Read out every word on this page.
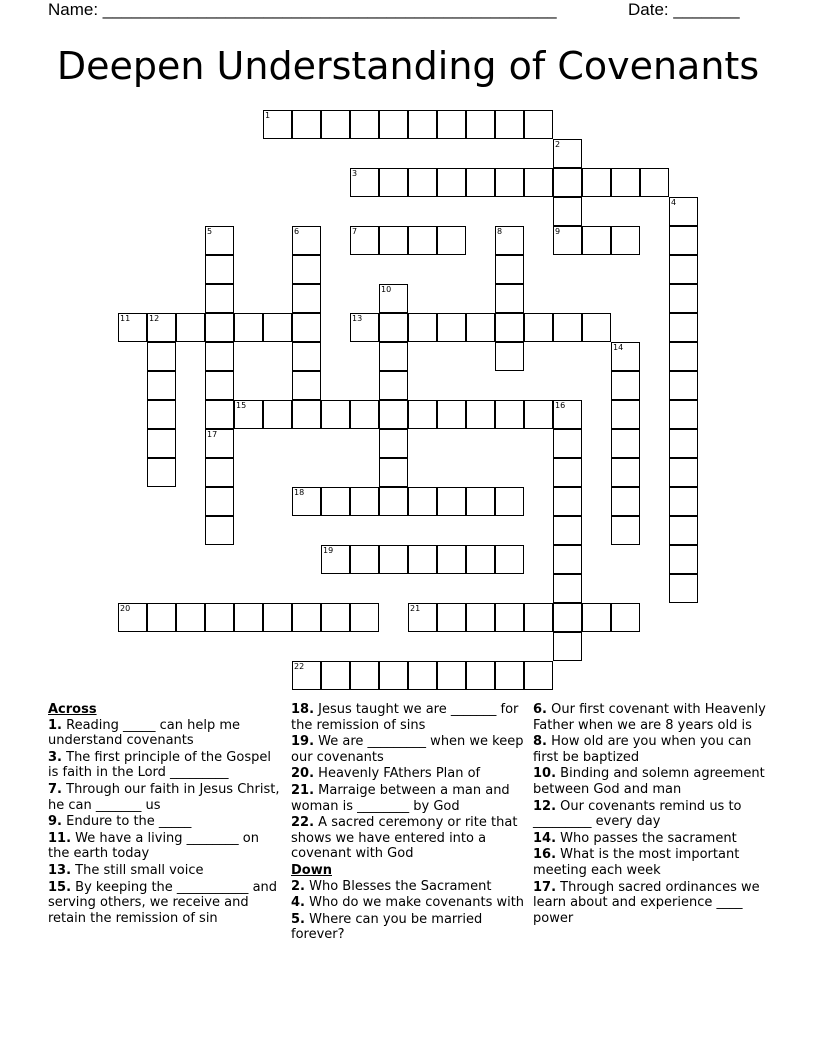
Name: ________________________________________________	Date: _______
Deepen Understanding of Covenants
1
2
3
4
5
17
6	7	8	9
10
11 12	13
14
15	16
18
19
20	21
22
Across
1. Reading _____ can help me understand covenants
3. The first principle of the Gospel is faith in the Lord _________
7. Through our faith in Jesus Christ, he can _______ us
9. Endure to the _____
11. We have a living ________ on the earth today
13. The still small voice
15. By keeping the ___________ and serving others, we receive and retain the remission of sin
18. Jesus taught we are _______ for the remission of sins
19. We are _________ when we keep our covenants
20. Heavenly FAthers Plan of
21. Marraige between a man and woman is ________ by God
22. A sacred ceremony or rite that shows we have entered into a covenant with God
Down
2. Who Blesses the Sacrament
4. Who do we make covenants with
5. Where can you be married forever?
6. Our first covenant with Heavenly Father when we are 8 years old is
8. How old are you when you can first be baptized
10. Binding and solemn agreement between God and man
12. Our covenants remind us to _________ every day
14. Who passes the sacrament
16. What is the most important meeting each week
17. Through sacred ordinances we learn about and experience ____ power
